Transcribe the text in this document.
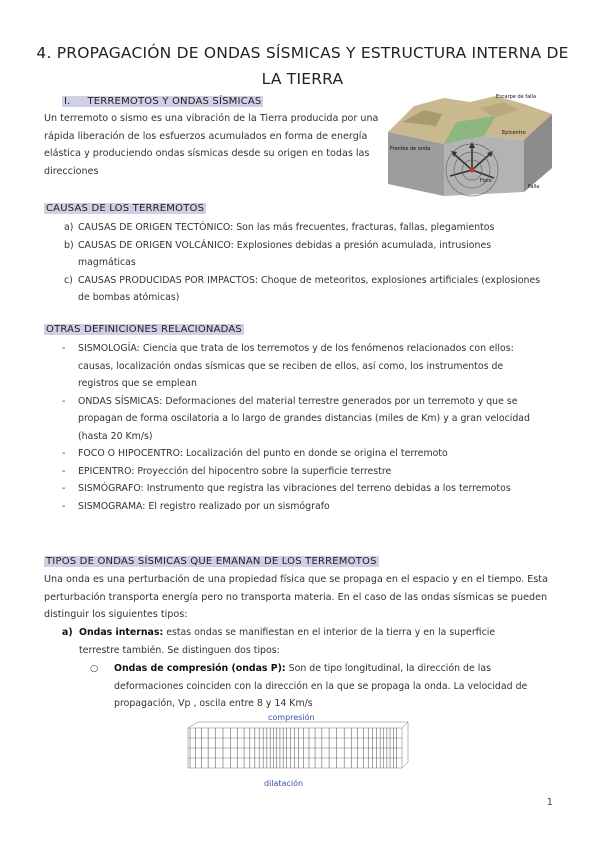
4. PROPAGACIÓN DE ONDAS SÍSMICAS Y ESTRUCTURA INTERNA DE LA TIERRA
I. TERREMOTOS Y ONDAS SÍSMICAS
Un terremoto o sismo es una vibración de la Tierra producida por una rápida liberación de los esfuerzos acumulados en forma de energía elástica y produciendo ondas sísmicas desde su origen en todas las direcciones
Escarpe de falla
Epicentro
Frentes de onda
Falla
Foco
CAUSAS DE LOS TERREMOTOS
a) CAUSAS DE ORIGEN TECTÓNICO: Son las más frecuentes, fracturas, fallas, plegamientos
b) CAUSAS DE ORIGEN VOLCÁNICO: Explosiones debidas a presión acumulada, intrusiones magmáticas
c) CAUSAS PRODUCIDAS POR IMPACTOS: Choque de meteoritos, explosiones artificiales (explosiones de bombas atómicas)
OTRAS DEFINICIONES RELACIONADAS
-	SISMOLOGÍA: Ciencia que trata de los terremotos y de los fenómenos relacionados con ellos: causas, localización ondas sísmicas que se reciben de ellos, así como, los instrumentos de registros que se emplean
-	ONDAS SÍSMICAS: Deformaciones del material terrestre generados por un terremoto y que se propagan de forma oscilatoria a lo largo de grandes distancias (miles de Km) y a gran velocidad (hasta 20 Km/s)
-	FOCO O HIPOCENTRO: Localización del punto en donde se origina el terremoto
-	EPICENTRO: Proyección del hipocentro sobre la superficie terrestre
-	SISMÓGRAFO: Instrumento que registra las vibraciones del terreno debidas a los terremotos
-	SISMOGRAMA: El registro realizado por un sismógrafo
TIPOS DE ONDAS SÍSMICAS QUE EMANAN DE LOS TERREMOTOS
Una onda es una perturbación de una propiedad física que se propaga en el espacio y en el tiempo. Esta perturbación transporta energía pero no transporta materia. En el caso de las ondas sísmicas se pueden distinguir los siguientes tipos:
a) Ondas internas: estas ondas se manifiestan en el interior de la tierra y en la superficie terrestre también. Se distinguen dos tipos:
○	Ondas de compresión (ondas P): Son de tipo longitudinal, la dirección de las deformaciones coinciden con la dirección en la que se propaga la onda. La velocidad de propagación, Vp , oscila entre 8 y 14 Km/s
compresión
dilatación
1
